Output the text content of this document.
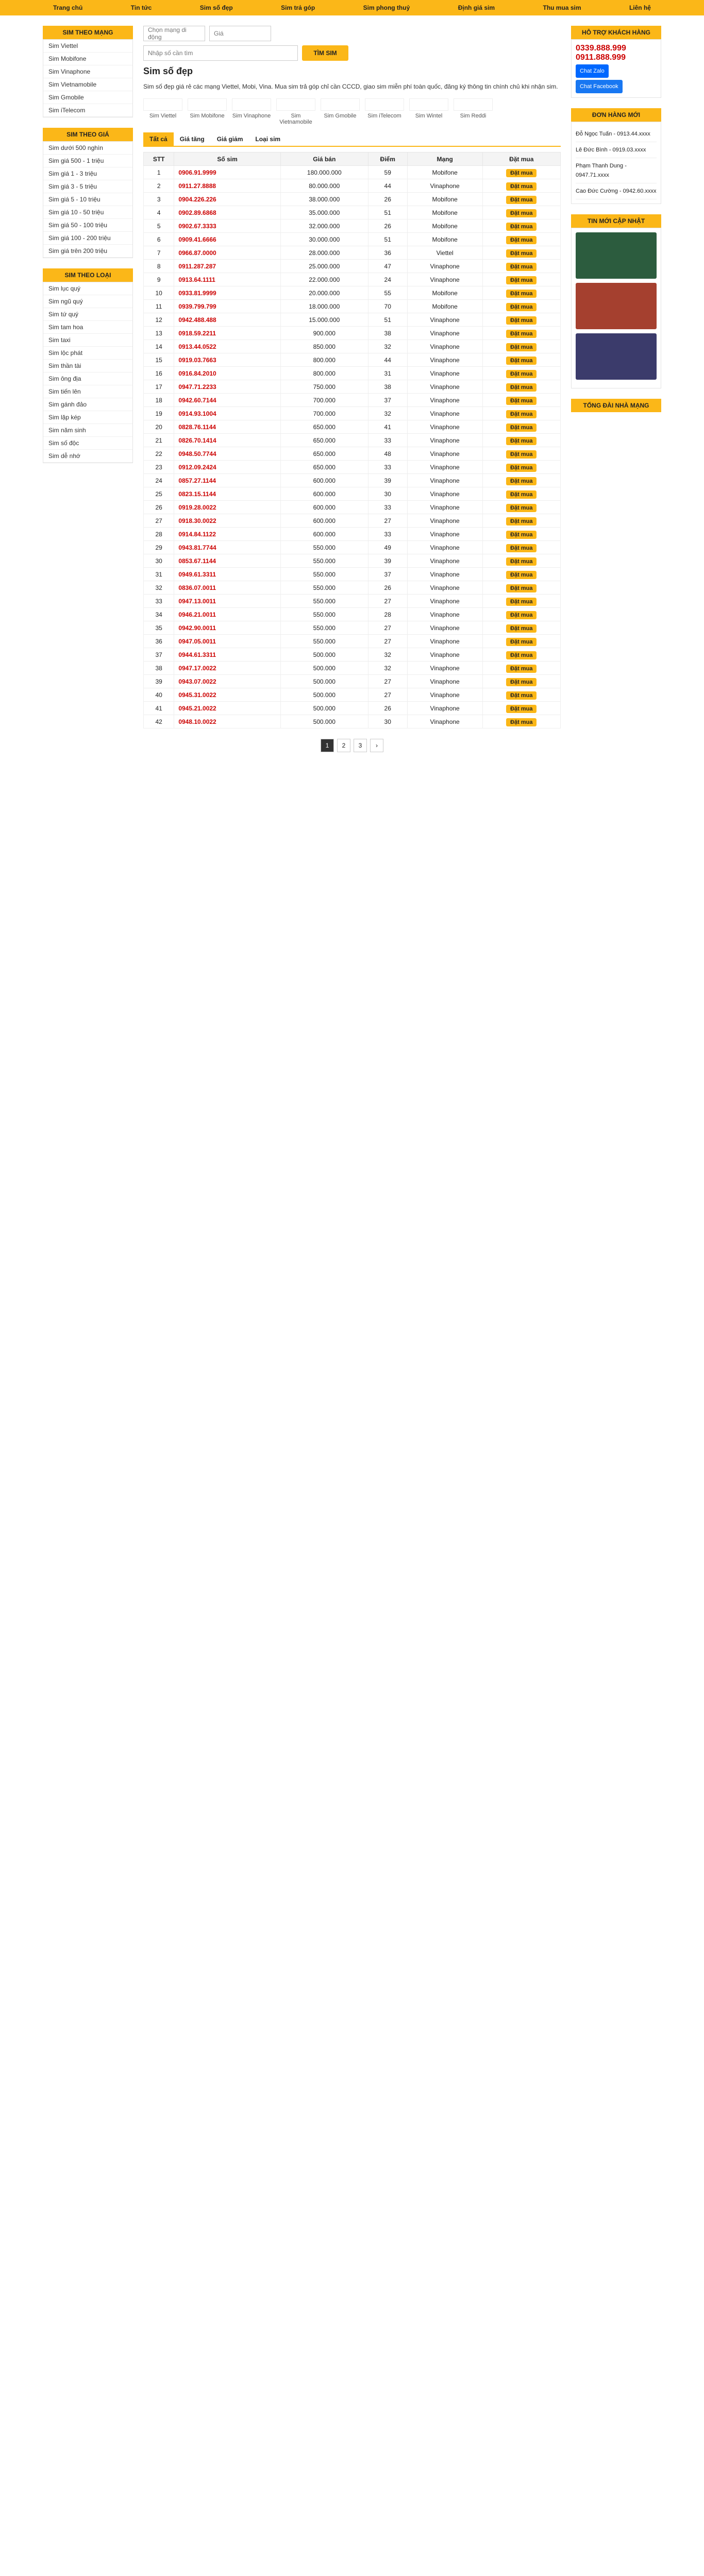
Trang chủ	Tin tức	Sim số đẹp	Sim trả góp	Sim phong thuỷ	Định giá sim	Thu mua sim	Liên hệ
SIM THEO MẠNG
Sim Viettel
Sim Mobifone
Sim Vinaphone
Sim Vietnamobile
Sim Gmobile
Sim iTelecom
SIM THEO GIÁ
Sim dưới 500 nghìn
Sim giá 500 - 1 triệu
Sim giá 1 - 3 triệu
Sim giá 3 - 5 triệu
Sim giá 5 - 10 triệu
Sim giá 10 - 50 triệu
Sim giá 50 - 100 triệu
Sim giá 100 - 200 triệu
Sim giá trên 200 triệu
SIM THEO LOẠI
Sim lục quý
Sim ngũ quý
Sim tứ quý
Sim tam hoa
Sim taxi
Sim lộc phát
Sim thần tài
Sim ông địa
Sim tiến lên
Sim gánh đảo
Sim lặp kép
Sim năm sinh
Sim số độc
Sim dễ nhớ
Chọn mạng di động	Giá
Nhập số cần tìm	TÌM SIM
Sim số đẹp
Sim số đẹp giá rẻ các mạng Viettel, Mobi, Vina. Mua sim trả góp chỉ cần CCCD, giao sim miễn phí toàn quốc, đăng ký thông tin chính chủ khi nhận sim.
Sim Viettel	Sim Mobifone	Sim Vinaphone	Sim Vietnamobile
Sim Gmobile	Sim iTelecom	Sim Wintel	Sim Reddi
Tất cả	Giá tăng	Giá giảm	Loại sim
STT	Số sim	Giá bán	Điểm	Mạng	Đặt mua
1	0906.91.9999	180.000.000	59	Mobifone	Đặt mua
2	0911.27.8888	80.000.000	44	Vinaphone	Đặt mua
3	0904.226.226	38.000.000	26	Mobifone	Đặt mua
4	0902.89.6868	35.000.000	51	Mobifone	Đặt mua
5	0902.67.3333	32.000.000	26	Mobifone	Đặt mua
6	0909.41.6666	30.000.000	51	Mobifone	Đặt mua
7	0966.87.0000	28.000.000	36	Viettel	Đặt mua
8	0911.287.287	25.000.000	47	Vinaphone	Đặt mua
9	0913.64.1111	22.000.000	24	Vinaphone	Đặt mua
10	0933.81.9999	20.000.000	55	Mobifone	Đặt mua
11	0939.799.799	18.000.000	70	Mobifone	Đặt mua
12	0942.488.488	15.000.000	51	Vinaphone	Đặt mua
13	0918.59.2211	900.000	38	Vinaphone	Đặt mua
14	0913.44.0522	850.000	32	Vinaphone	Đặt mua
15	0919.03.7663	800.000	44	Vinaphone	Đặt mua
16	0916.84.2010	800.000	31	Vinaphone	Đặt mua
17	0947.71.2233	750.000	38	Vinaphone	Đặt mua
18	0942.60.7144	700.000	37	Vinaphone	Đặt mua
19	0914.93.1004	700.000	32	Vinaphone	Đặt mua
20	0828.76.1144	650.000	41	Vinaphone	Đặt mua
21	0826.70.1414	650.000	33	Vinaphone	Đặt mua
22	0948.50.7744	650.000	48	Vinaphone	Đặt mua
23	0912.09.2424	650.000	33	Vinaphone	Đặt mua
24	0857.27.1144	600.000	39	Vinaphone	Đặt mua
25	0823.15.1144	600.000	30	Vinaphone	Đặt mua
26	0919.28.0022	600.000	33	Vinaphone	Đặt mua
27	0918.30.0022	600.000	27	Vinaphone	Đặt mua
28	0914.84.1122	600.000	33	Vinaphone	Đặt mua
29	0943.81.7744	550.000	49	Vinaphone	Đặt mua
30	0853.67.1144	550.000	39	Vinaphone	Đặt mua
31	0949.61.3311	550.000	37	Vinaphone	Đặt mua
32	0836.07.0011	550.000	26	Vinaphone	Đặt mua
33	0947.13.0011	550.000	27	Vinaphone	Đặt mua
34	0946.21.0011	550.000	28	Vinaphone	Đặt mua
35	0942.90.0011	550.000	27	Vinaphone	Đặt mua
36	0947.05.0011	550.000	27	Vinaphone	Đặt mua
37	0944.61.3311	500.000	32	Vinaphone	Đặt mua
38	0947.17.0022	500.000	32	Vinaphone	Đặt mua
39	0943.07.0022	500.000	27	Vinaphone	Đặt mua
40	0945.31.0022	500.000	27	Vinaphone	Đặt mua
41	0945.21.0022	500.000	26	Vinaphone	Đặt mua
42	0948.10.0022	500.000	30	Vinaphone	Đặt mua
1	2	3	›
HỖ TRỢ KHÁCH HÀNG
0339.888.999
0911.888.999
Chat Zalo Chat Facebook
ĐƠN HÀNG MỚI
Đỗ Ngọc Tuấn - 0913.44.xxxx
Lê Đức Bình - 0919.03.xxxx
Phạm Thanh Dung - 0947.71.xxxx
Cao Đức Cường - 0942.60.xxxx
TIN MỚI CẬP NHẬT
TỔNG ĐÀI NHÀ MẠNG
